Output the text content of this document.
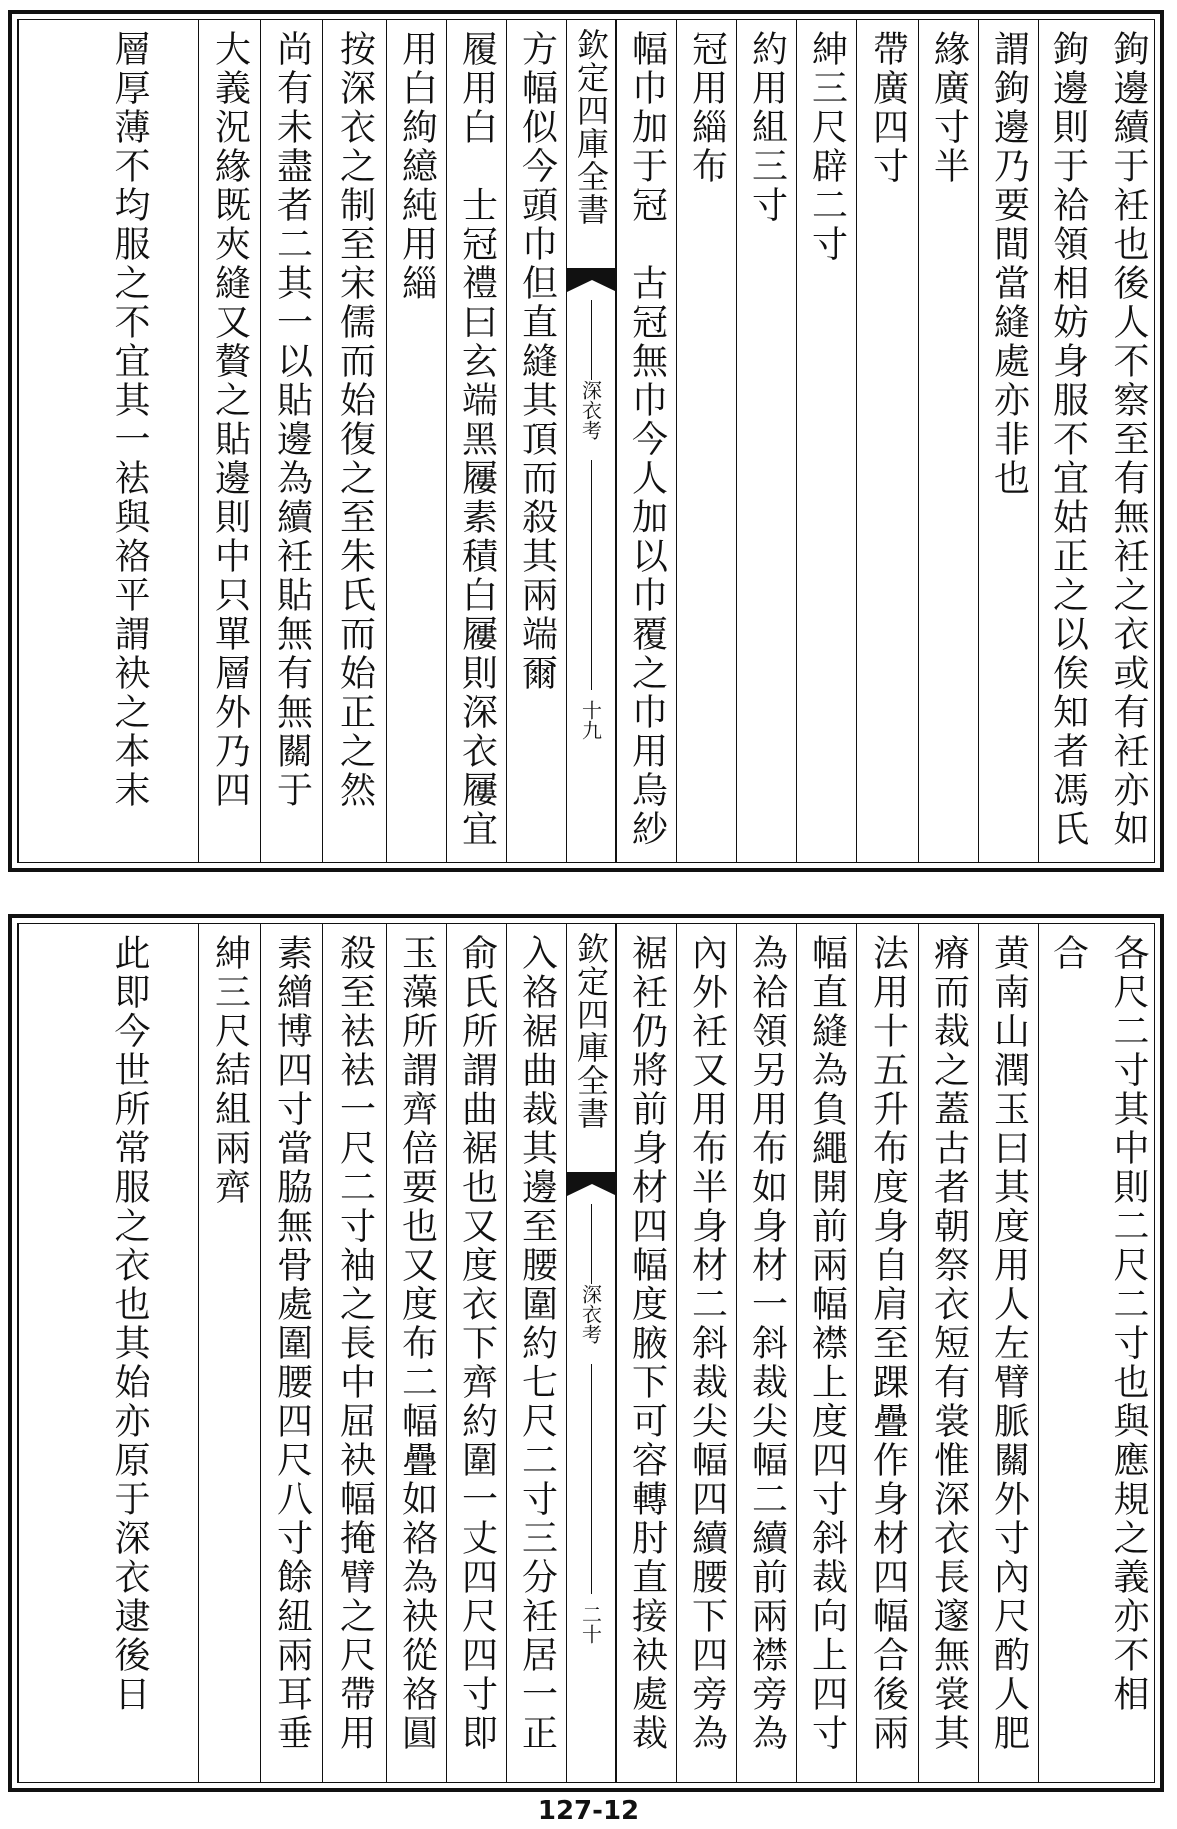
鉤邊續于衽也後人不察至有無衽之衣或有衽亦如
鉤邊則于袷領相妨身服不宜姑正之以俟知者馮氏
謂鉤邊乃要間當縫處亦非也
緣廣寸半
帶廣四寸
紳三尺辟二寸
約用組三寸
冠用緇布
幅巾加于冠　古冠無巾今人加以巾覆之巾用烏紗
欽定四庫全書
深衣考
十九
方幅似今頭巾但直縫其頂而殺其兩端爾
履用白　士冠禮曰玄端黑屨素積白屨則深衣屨宜
用白絇繶純用緇
按深衣之制至宋儒而始復之至朱氏而始正之然
尚有未盡者二其一以貼邊為續衽貼無有無關于
大義況緣既夾縫又贅之貼邊則中只單層外乃四
層厚薄不均服之不宜其一袪與袼平謂袂之本末
各尺二寸其中則二尺二寸也與應規之義亦不相
合
黄南山潤玉曰其度用人左臂脈關外寸內尺酌人肥
瘠而裁之蓋古者朝祭衣短有裳惟深衣長邃無裳其
法用十五升布度身自肩至踝疊作身材四幅合後兩
幅直縫為負繩開前兩幅襟上度四寸斜裁向上四寸
為袷領另用布如身材一斜裁尖幅二續前兩襟旁為
內外衽又用布半身材二斜裁尖幅四續腰下四旁為
裾衽仍將前身材四幅度腋下可容轉肘直接袂處裁
欽定四庫全書
深衣考
二十
入袼裾曲裁其邊至腰圍約七尺二寸三分衽居一正
俞氏所謂曲裾也又度衣下齊約圍一丈四尺四寸即
玉藻所謂齊倍要也又度布二幅疊如袼為袂從袼圓
殺至袪袪一尺二寸袖之長中屈袂幅掩臂之尺帶用
素繒博四寸當脇無骨處圍腰四尺八寸餘紐兩耳垂
紳三尺結組兩齊
此即今世所常服之衣也其始亦原于深衣逮後日
127-12
